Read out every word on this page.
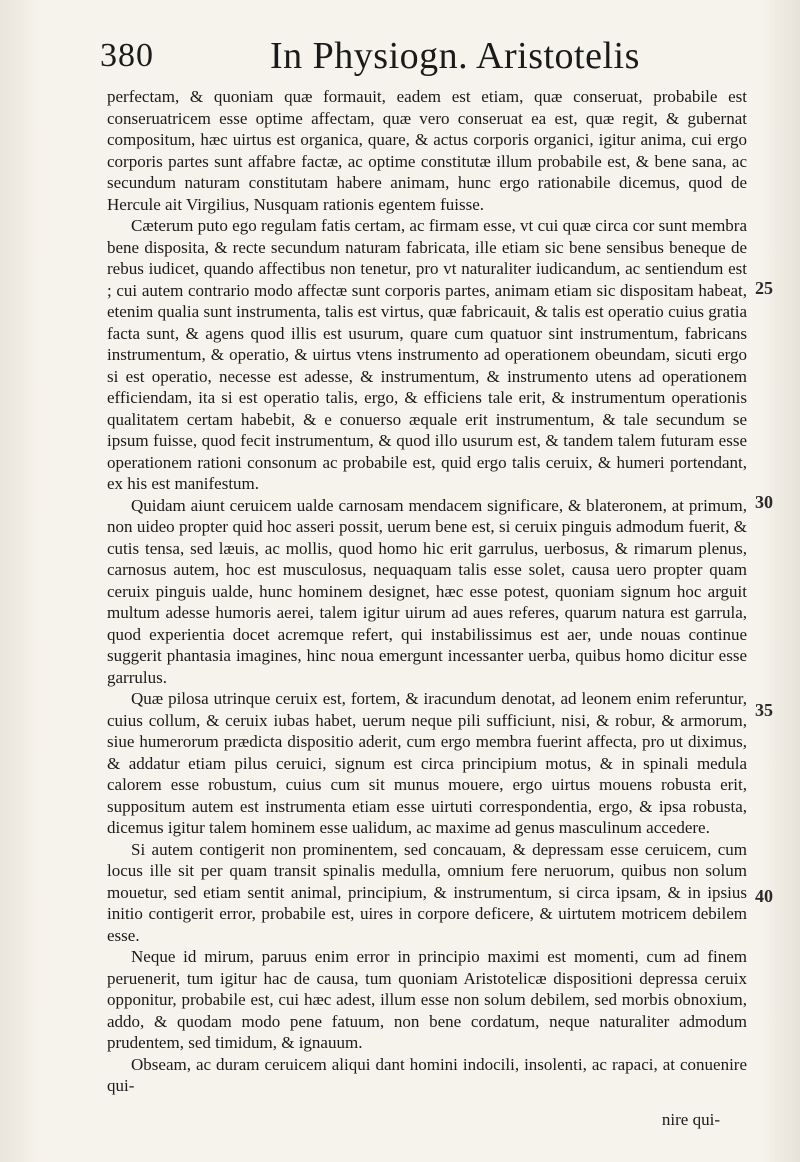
380	In Physiogn. Aristotelis

perfectam, & quoniam quæ formauit, eadem est etiam, quæ conseruat, probabile est conseruatricem esse optime affectam, quæ vero conseruat ea est, quæ regit, & gubernat compositum, hæc uirtus est organica, quare, & actus corporis organici, igitur anima, cui ergo corporis partes sunt affabre factæ, ac optime constitutæ illum probabile est, & bene sana, ac secundum naturam constitutam habere animam, hunc ergo rationabile dicemus, quod de Hercule ait Virgilius, Nusquam rationis egentem fuisse.

Cæterum puto ego regulam fatis certam, ac firmam esse, vt cui quæ circa cor sunt membra bene disposita, & recte secundum naturam fabricata, ille etiam sic bene sensibus beneque de rebus iudicet, quando affectibus non tenetur, pro vt naturaliter iudicandum, ac sentiendum est ; cui autem contrario modo affectæ sunt corporis partes, animam etiam sic dispositam habeat, etenim qualia sunt instrumenta, talis est virtus, quæ fabricauit, & talis est operatio cuius gratia facta sunt, & agens quod illis est usurum, quare cum quatuor sint instrumentum, fabricans instrumentum, & operatio, & uirtus vtens instrumento ad operationem obeundam, sicuti ergo si est operatio, necesse est adesse, & instrumentum, & instrumento utens ad operationem efficiendam, ita si est operatio talis, ergo, & efficiens tale erit, & instrumentum operationis qualitatem certam habebit, & e conuerso æquale erit instrumentum, & tale secundum se ipsum fuisse, quod fecit instrumentum, & quod illo usurum est, & tandem talem futuram esse operationem rationi consonum ac probabile est, quid ergo talis ceruix, & humeri portendant, ex his est manifestum.

Quidam aiunt ceruicem ualde carnosam mendacem significare, & blateronem, at primum, non uideo propter quid hoc asseri possit, uerum bene est, si ceruix pinguis admodum fuerit, & cutis tensa, sed læuis, ac mollis, quod homo hic erit garrulus, uerbosus, & rimarum plenus, carnosus autem, hoc est musculosus, nequaquam talis esse solet, causa uero propter quam ceruix pinguis ualde, hunc hominem designet, hæc esse potest, quoniam signum hoc arguit multum adesse humoris aerei, talem igitur uirum ad aues referes, quarum natura est garrula, quod experientia docet acremque refert, qui instabilissimus est aer, unde nouas continue suggerit phantasia imagines, hinc noua emergunt incessanter uerba, quibus homo dicitur esse garrulus.

Quæ pilosa utrinque ceruix est, fortem, & iracundum denotat, ad leonem enim referuntur, cuius collum, & ceruix iubas habet, uerum neque pili sufficiunt, nisi, & robur, & armorum, siue humerorum prædicta dispositio aderit, cum ergo membra fuerint affecta, pro ut diximus, & addatur etiam pilus ceruici, signum est circa principium motus, & in spinali medula calorem esse robustum, cuius cum sit munus mouere, ergo uirtus mouens robusta erit, suppositum autem est instrumenta etiam esse uirtuti correspondentia, ergo, & ipsa robusta, dicemus igitur talem hominem esse ualidum, ac maxime ad genus masculinum accedere.

Si autem contigerit non prominentem, sed concauam, & depressam esse ceruicem, cum locus ille sit per quam transit spinalis medulla, omnium fere neruorum, quibus non solum mouetur, sed etiam sentit animal, principium, & instrumentum, si circa ipsam, & in ipsius initio contigerit error, probabile est, uires in corpore deficere, & uirtutem motricem debilem esse.

Neque id mirum, paruus enim error in principio maximi est momenti, cum ad finem peruenerit, tum igitur hac de causa, tum quoniam Aristotelicæ dispositioni depressa ceruix opponitur, probabile est, cui hæc adest, illum esse non solum debilem, sed morbis obnoxium, addo, & quodam modo pene fatuum, non bene cordatum, neque naturaliter admodum prudentem, sed timidum, & ignauum.

Obseam, ac duram ceruicem aliqui dant homini indocili, insolenti, ac rapaci, at conuenire qui-

25
30
35
40
nire qui-
